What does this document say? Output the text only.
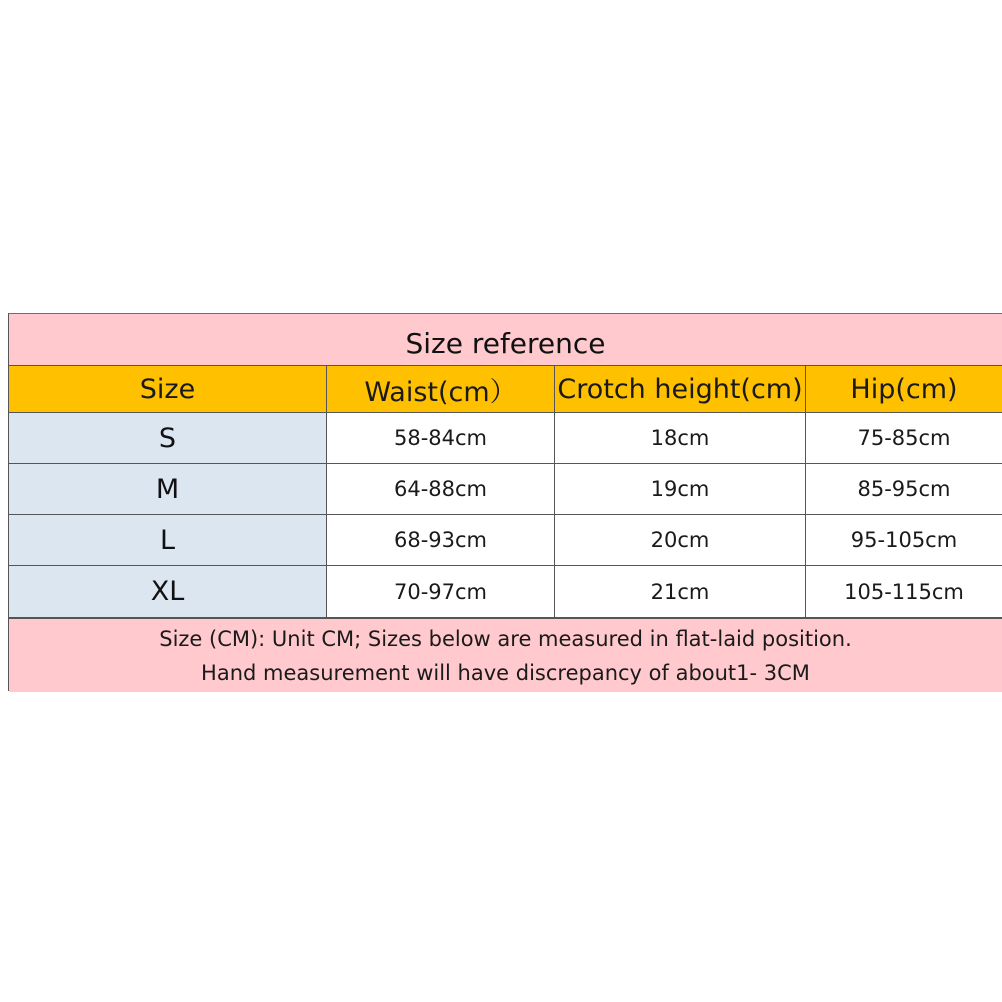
Size reference
Size	Waist(cm）	Crotch height(cm)	Hip(cm)
S	58-84cm	18cm	75-85cm
M	64-88cm	19cm	85-95cm
L	68-93cm	20cm	95-105cm
XL	70-97cm	21cm	105-115cm
Size (CM): Unit CM; Sizes below are measured in flat-laid position.
Hand measurement will have discrepancy of about1- 3CM
